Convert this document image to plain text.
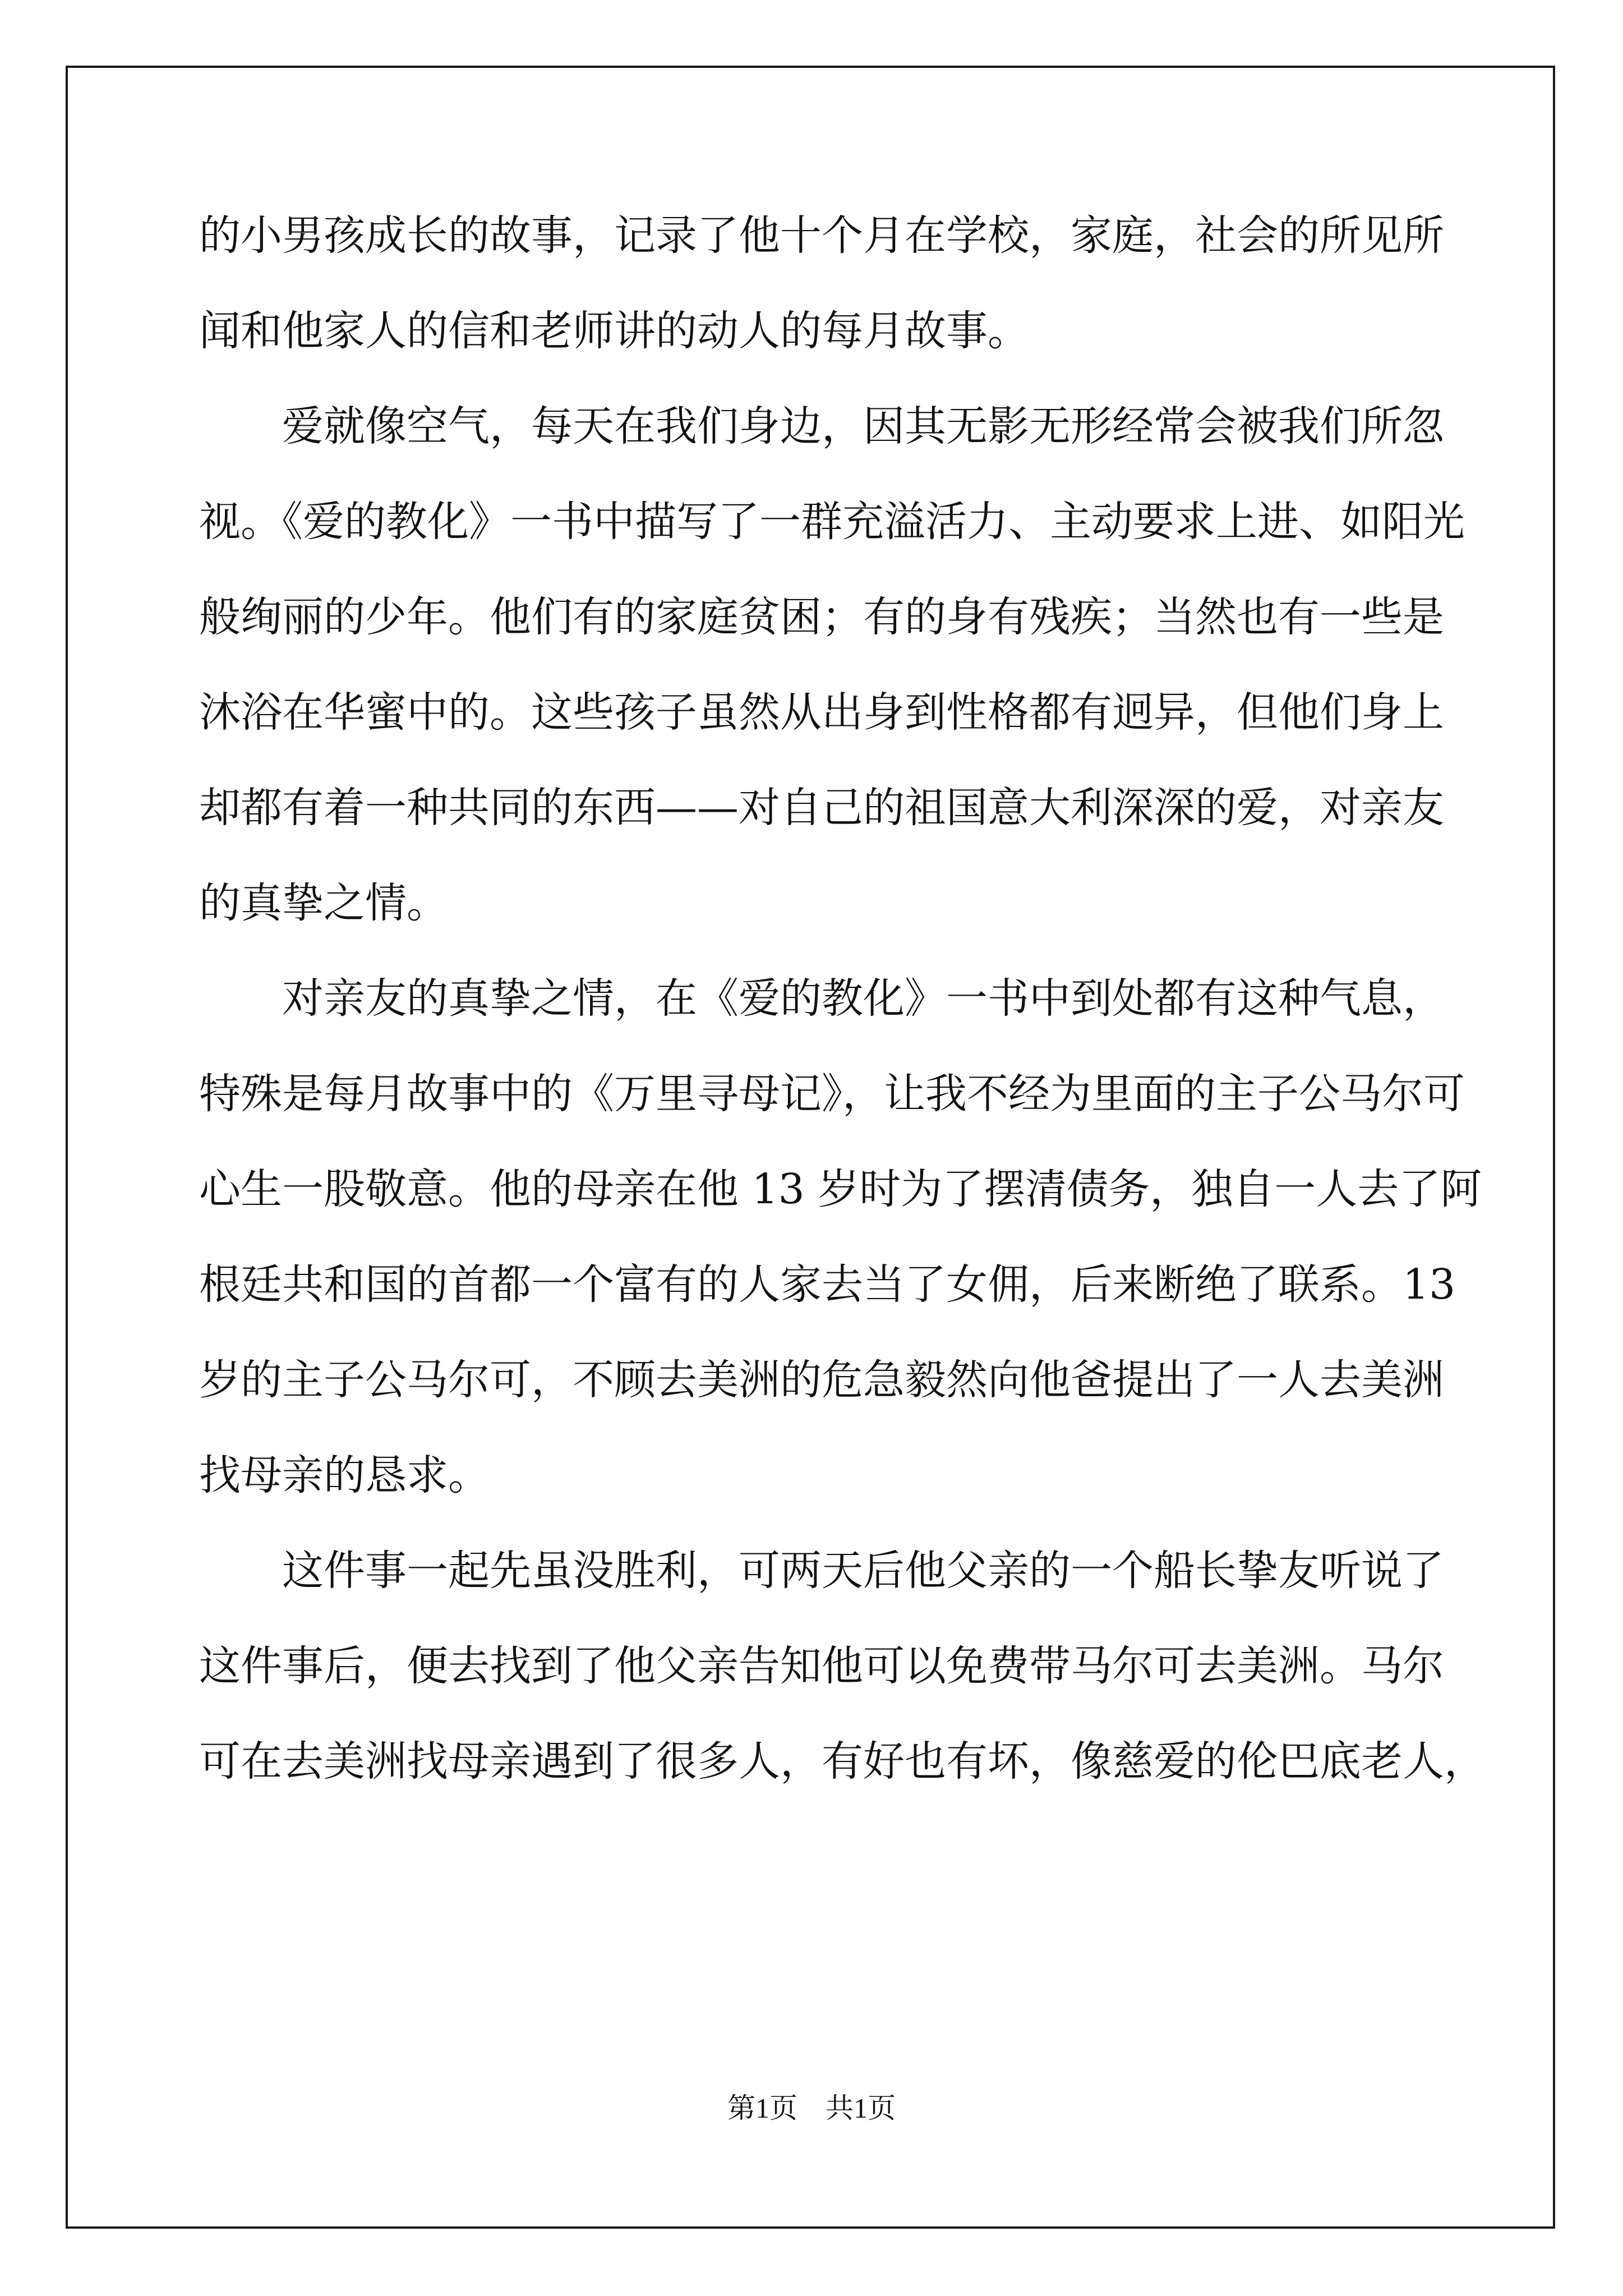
的小男孩成长的故事，记录了他十个月在学校，家庭，社会的所见所
闻和他家人的信和老师讲的动人的每月故事。
爱就像空气，每天在我们身边，因其无影无形经常会被我们所忽
视。《爱的教化》一书中描写了一群充溢活力、主动要求上进、如阳光
般绚丽的少年。他们有的家庭贫困；有的身有残疾；当然也有一些是
沐浴在华蜜中的。这些孩子虽然从出身到性格都有迥异，但他们身上
却都有着一种共同的东西——对自己的祖国意大利深深的爱，对亲友
的真挚之情。
对亲友的真挚之情，在《爱的教化》一书中到处都有这种气息，
特殊是每月故事中的《万里寻母记》，让我不经为里面的主子公马尔可
心生一股敬意。他的母亲在他 13 岁时为了摆清债务，独自一人去了阿
根廷共和国的首都一个富有的人家去当了女佣，后来断绝了联系。13
岁的主子公马尔可，不顾去美洲的危急毅然向他爸提出了一人去美洲
找母亲的恳求。
这件事一起先虽没胜利，可两天后他父亲的一个船长挚友听说了
这件事后，便去找到了他父亲告知他可以免费带马尔可去美洲。马尔
可在去美洲找母亲遇到了很多人，有好也有坏，像慈爱的伦巴底老人，
第1页 共1页
